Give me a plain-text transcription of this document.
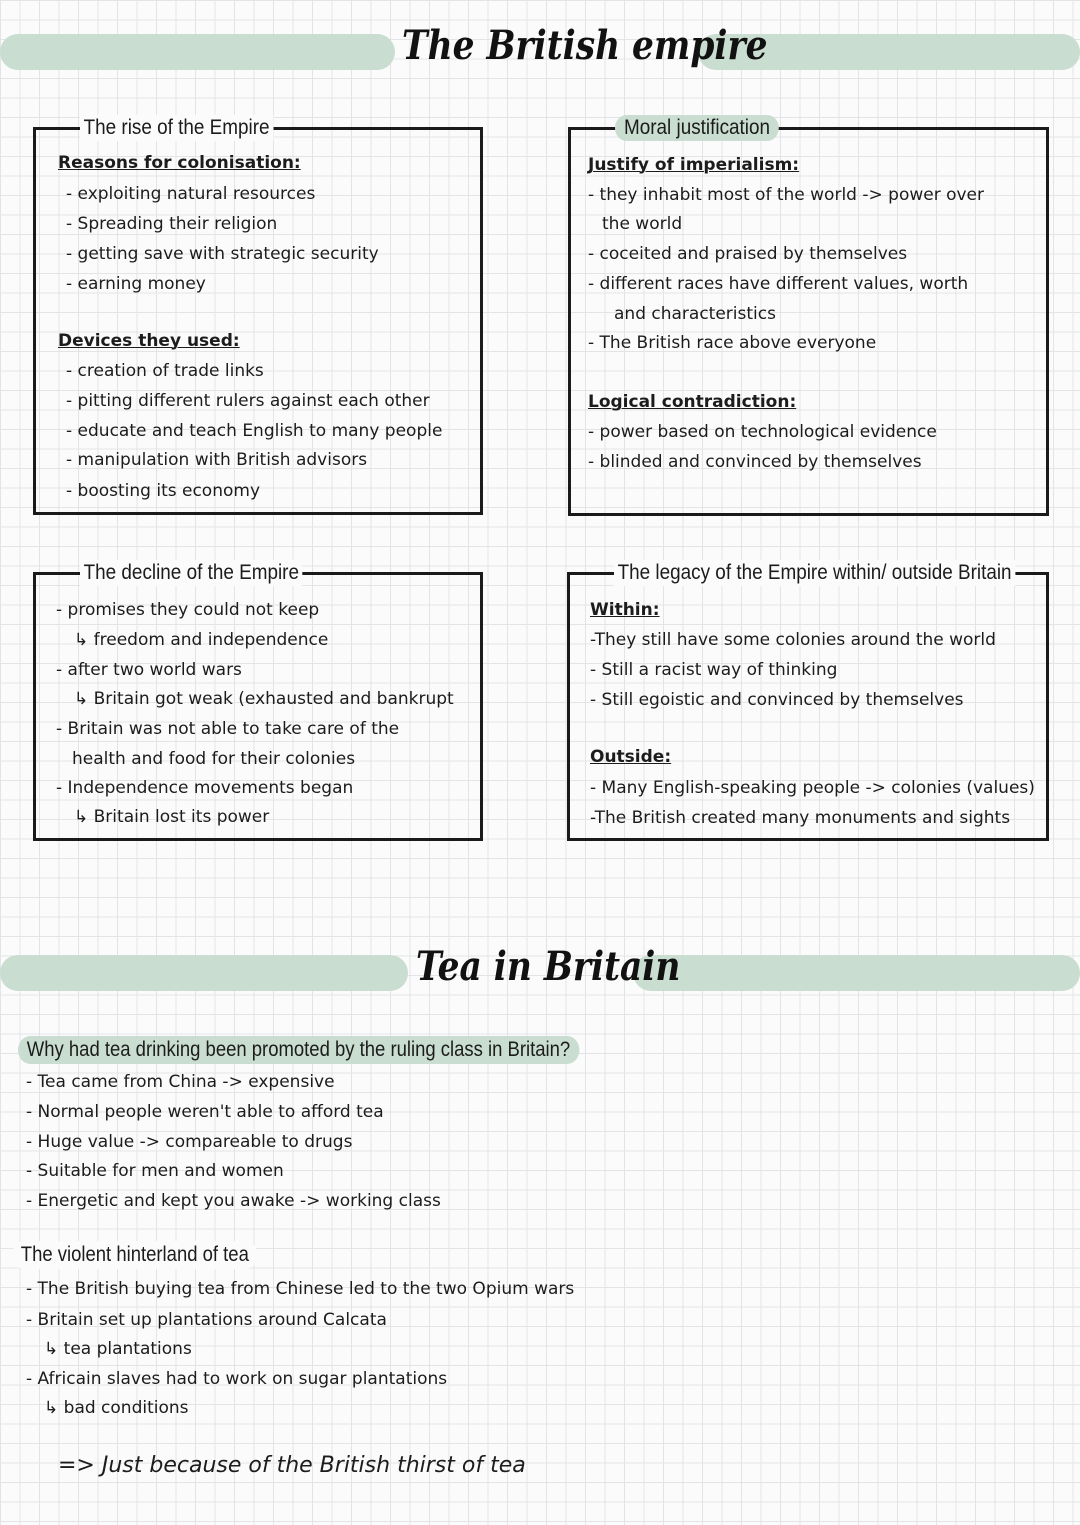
The British empire
The rise of the Empire
Reasons for colonisation:
- exploiting natural resources
- Spreading their religion
- getting save with strategic security
- earning money
Devices they used:
- creation of trade links
- pitting different rulers against each other
- educate and teach English to many people
- manipulation with British advisors
- boosting its economy
Moral justification
Justify of imperialism:
- they inhabit most of the world -> power over
the world
- coceited and praised by themselves
- different races have different values, worth
and characteristics
- The British race above everyone
Logical contradiction:
- power based on technological evidence
- blinded and convinced by themselves
The decline of the Empire
- promises they could not keep
↳ freedom and independence
- after two world wars
↳ Britain got weak (exhausted and bankrupt
- Britain was not able to take care of the
health and food for their colonies
- Independence movements began
↳ Britain lost its power
The legacy of the Empire within/ outside Britain
Within:
-They still have some colonies around the world
- Still a racist way of thinking
- Still egoistic and convinced by themselves
Outside:
- Many English-speaking people -> colonies (values)
-The British created many monuments and sights
Tea in Britain
Why had tea drinking been promoted by the ruling class in Britain?
- Tea came from China -> expensive
- Normal people weren't able to afford tea
- Huge value -> compareable to drugs
- Suitable for men and women
- Energetic and kept you awake -> working class
The violent hinterland of tea
- The British buying tea from Chinese led to the two Opium wars
- Britain set up plantations around Calcata
↳ tea plantations
- Africain slaves had to work on sugar plantations
↳ bad conditions
=> Just because of the British thirst of tea
